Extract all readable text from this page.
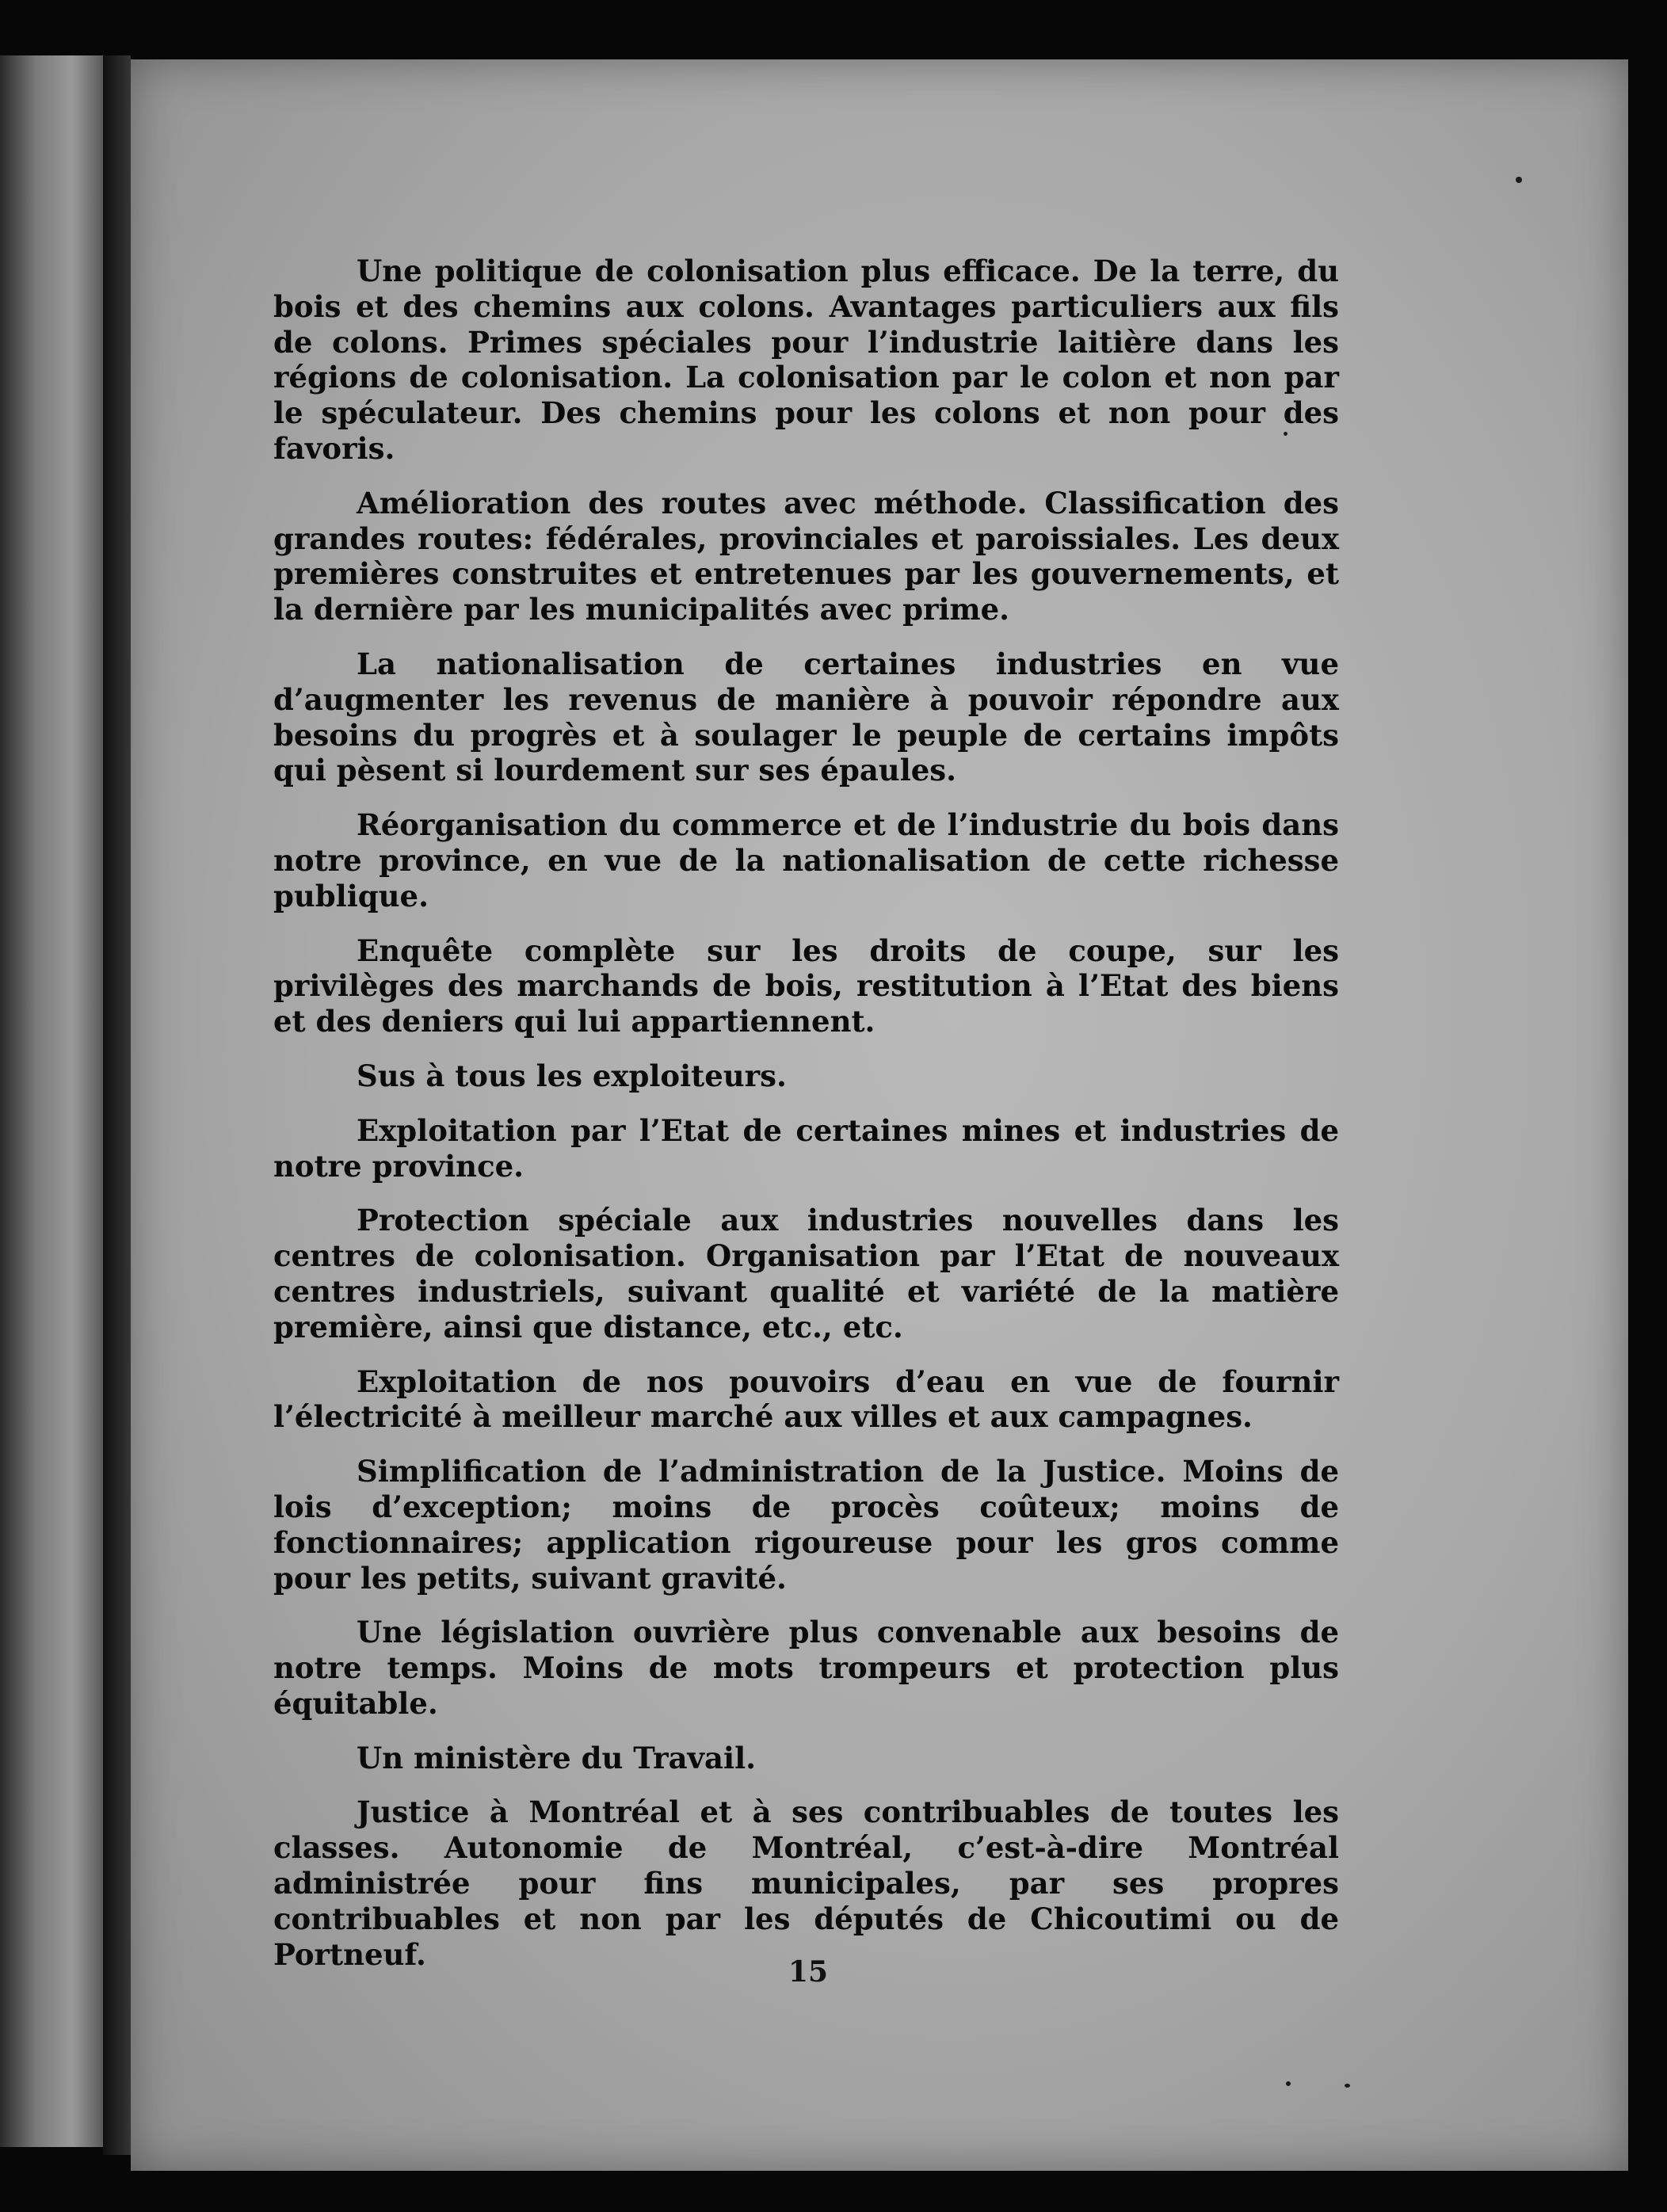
Une politique de colonisation plus efficace. De la terre, du bois et des chemins aux colons. Avantages particuliers aux fils de colons. Primes spéciales pour l’industrie laitière dans les régions de colonisation. La colonisation par le colon et non par le spéculateur. Des chemins pour les colons et non pour des favoris.

Amélioration des routes avec méthode. Classification des grandes routes: fédérales, provinciales et paroissiales. Les deux premières construites et entretenues par les gouvernements, et la dernière par les municipalités avec prime.

La nationalisation de certaines industries en vue d’augmenter les revenus de manière à pouvoir répondre aux besoins du progrès et à soulager le peuple de certains impôts qui pèsent si lourdement sur ses épaules.

Réorganisation du commerce et de l’industrie du bois dans notre province, en vue de la nationalisation de cette richesse publique.

Enquête complète sur les droits de coupe, sur les privilèges des marchands de bois, restitution à l’Etat des biens et des deniers qui lui appartiennent.

Sus à tous les exploiteurs.

Exploitation par l’Etat de certaines mines et industries de notre province.

Protection spéciale aux industries nouvelles dans les centres de colonisation. Organisation par l’Etat de nouveaux centres industriels, suivant qualité et variété de la matière première, ainsi que distance, etc., etc.

Exploitation de nos pouvoirs d’eau en vue de fournir l’électricité à meilleur marché aux villes et aux campagnes.

Simplification de l’administration de la Justice. Moins de lois d’exception; moins de procès coûteux; moins de fonctionnaires; application rigoureuse pour les gros comme pour les petits, suivant gravité.

Une législation ouvrière plus convenable aux besoins de notre temps. Moins de mots trompeurs et protection plus équitable.

Un ministère du Travail.

Justice à Montréal et à ses contribuables de toutes les classes. Autonomie de Montréal, c’est-à-dire Montréal administrée pour fins municipales, par ses propres contribuables et non par les députés de Chicoutimi ou de Portneuf.

15
